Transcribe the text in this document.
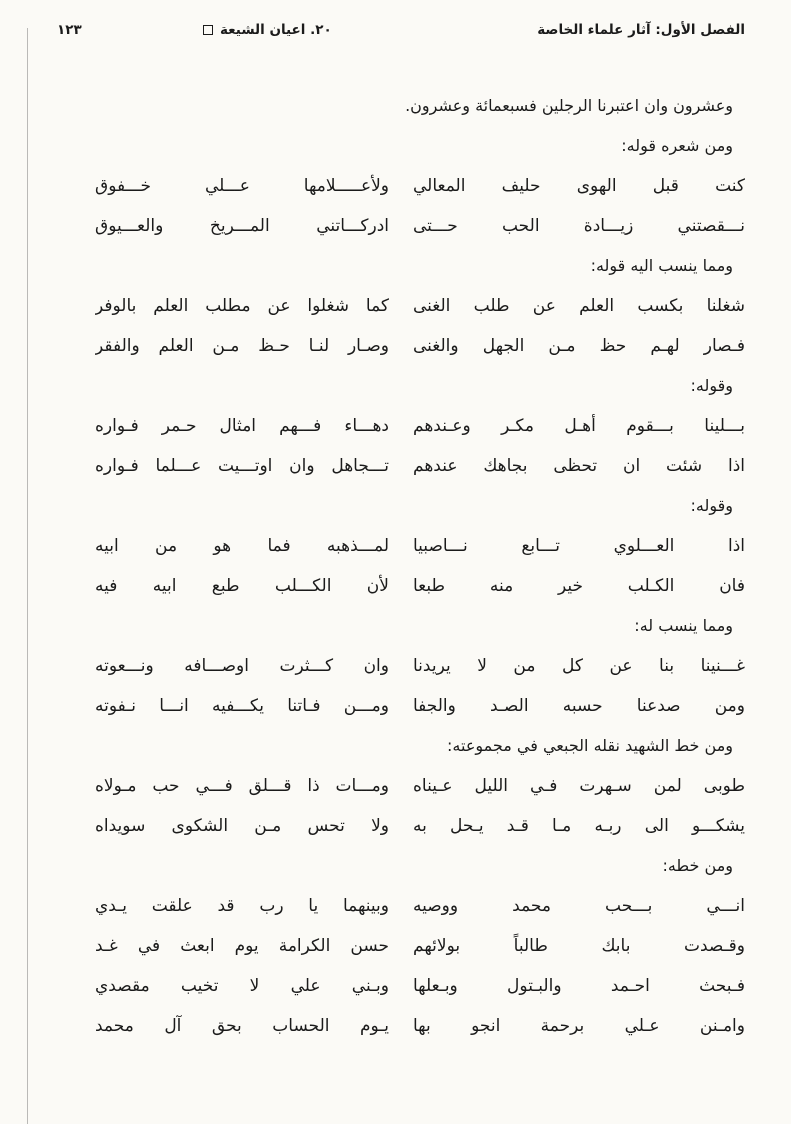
الفصل الأول: آثار علماء الخاصة
٢٠. اعيان الشيعة
١٢٣
وعشرون وان اعتبرنا الرجلين فسبعمائة وعشرون.
ومن شعره قوله:
كنت قبل الهوى حليف المعالي
ولأعـــــلامها عـــلي خـــفوق
نـــقصتني زيـــادة الحب حـــتى
ادركـــاتني المـــريخ والعـــيوق
ومما ينسب اليه قوله:
شغلنا بكسب العلم عن طلب الغنى
كما شغلوا عن مطلب العلم بالوفر
فـصار لهـم حظ مـن الجهل والغنى
وصـار لنـا حـظ مـن العلم والفقر
وقوله:
بـــلينا بـــقوم أهـل مكـر وعـندهم
دهـــاء فـــهم امثال حـمر فـواره
اذا شئت ان تحظى بجاهك عندهم
تـــجاهل وان اوتـــيت عـــلما فـواره
وقوله:
اذا العـــلوي تـــابع نـــاصبيا
لمـــذهبه فما هو من ابيه
فان الكـلب خير منه طبعا
لأن الكـــلب طبع ابيه فيه
ومما ينسب له:
غـــنينا بنا عن كل من لا يريدنا
وان كـــثرت اوصـــافه ونـــعوته
ومن صدعنا حسبه الصـد والجفا
ومـــن فـاتنا يكـــفيه انـــا نـفوته
ومن خط الشهيد نقله الجبعي في مجموعته:
طوبى لمن سـهرت فـي الليل عـيناه
ومـــات ذا قـــلق فـــي حب مـولاه
يشكـــو الى ربـه مـا قـد يـحل به
ولا تحس مـن الشكوى سويداه
ومن خطه:
انـــي بـــحب محمد ووصيه
وبينهما يا رب قد علقت يـدي
وقـصدت بابك طالباً بولائهم
حسن الكرامة يوم ابعث في غـد
فـبحث احـمد والبـتول وبـعلها
وبـني علي لا تخيب مقصدي
وامـنن عـلي برحمة انجو بها
يـوم الحساب بحق آل محمد
